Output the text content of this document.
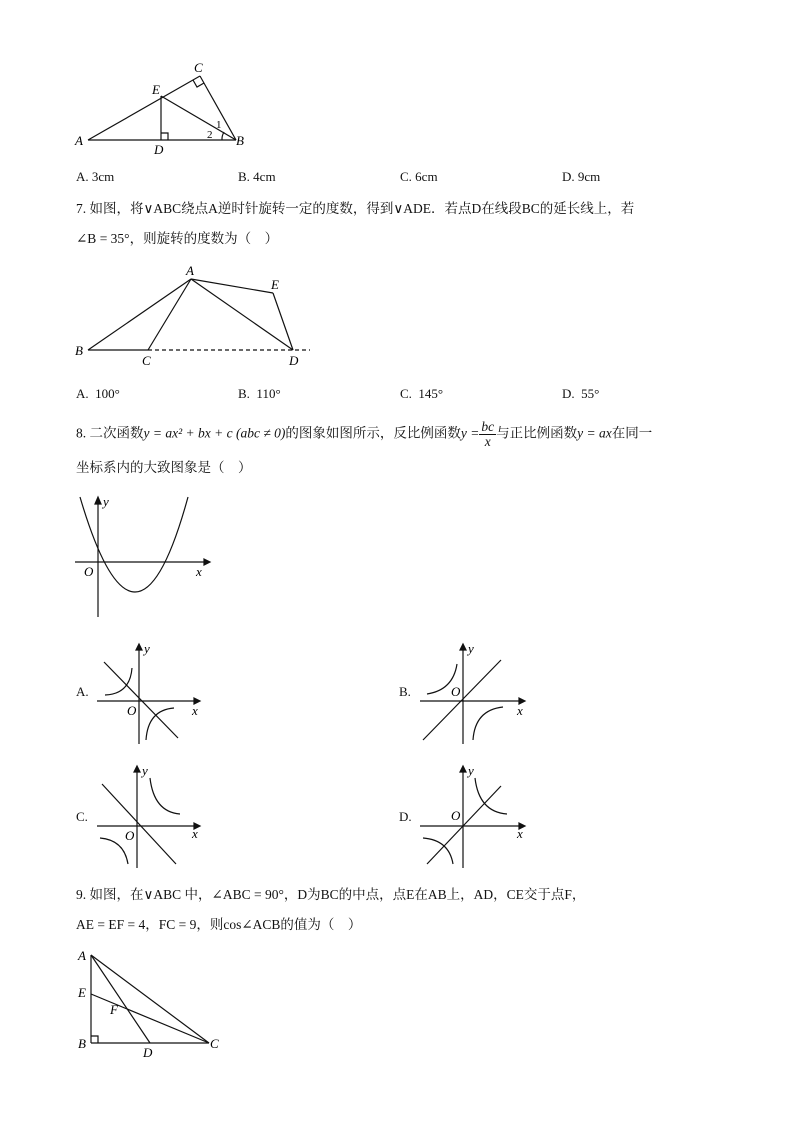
C
E
A
D
B
1
2
A. 3cm	B. 4cm	C. 6cm	D. 9cm
7. 如图，将∨ABC绕点A逆时针旋转一定的度数，得到∨ADE．若点D在线段BC的延长线上，若
∠B = 35°，则旋转的度数为（　）
A
E
B
C	D
A. 100°	B. 110°	C. 145°	D. 55°
8. 二次函数y = ax² + bx + c (abc ≠ 0)的图象如图所示，反比例函数$y = \frac{bc}{x}$ 与正比例函数y = ax在同一
坐标系内的大致图象是（　）
y
x
O
A.
y
x
O
B.
y
x
O
C.
y
x
O
D.
y
x
O
9. 如图，在∨ABC 中，∠ABC = 90°，D为BC的中点，点E在AB上，AD，CE交于点F，
AE = EF = 4，FC = 9，则cos∠ACB的值为（　）
A
E
F
B
D
C
